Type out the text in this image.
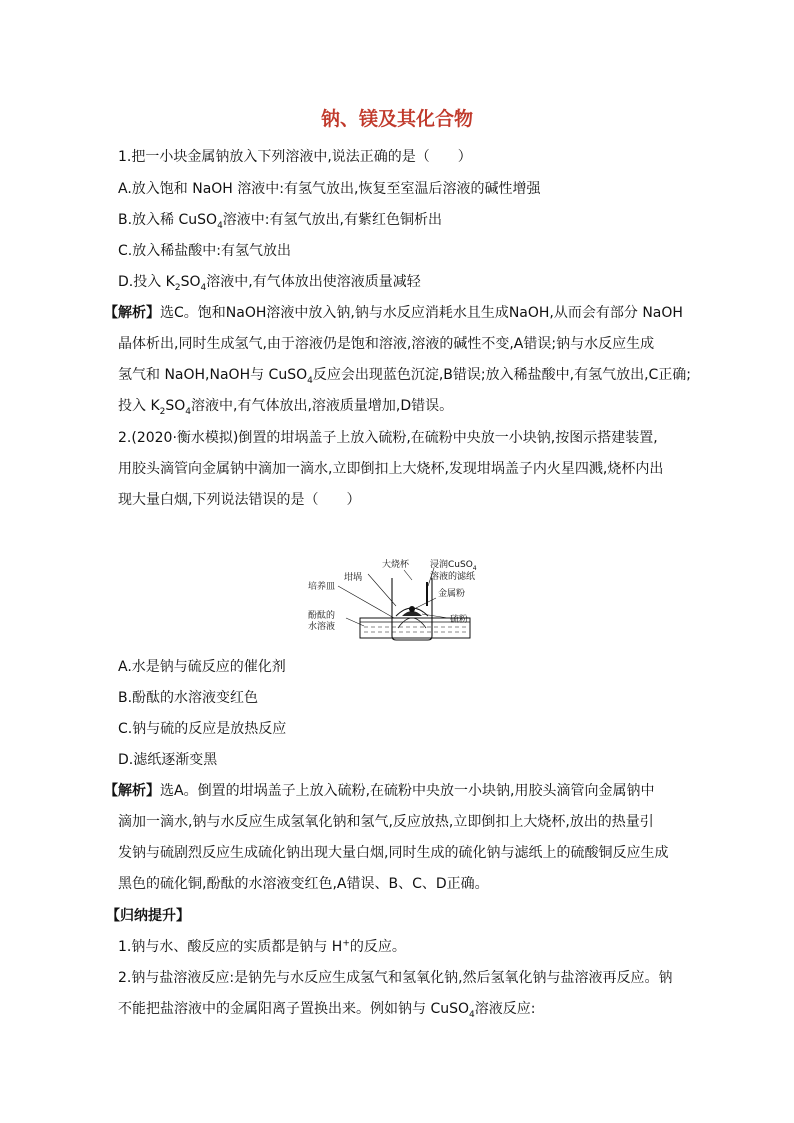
钠、镁及其化合物
1.把一小块金属钠放入下列溶液中,说法正确的是（　　）
A.放入饱和 NaOH 溶液中:有氢气放出,恢复至室温后溶液的碱性增强
B.放入稀 CuSO$_4$溶液中:有氢气放出,有紫红色铜析出
C.放入稀盐酸中:有氢气放出
D.投入 $K_2SO_4$溶液中,有气体放出使溶液质量减轻
【解析】选C。饱和NaOH溶液中放入钠,钠与水反应消耗水且生成NaOH,从而会有部分 NaOH
晶体析出,同时生成氢气,由于溶液仍是饱和溶液,溶液的碱性不变,A错误;钠与水反应生成
氢气和 NaOH,NaOH与 CuSO$_4$反应会出现蓝色沉淀,B错误;放入稀盐酸中,有氢气放出,C正确;
投入 $K_2SO_4$溶液中,有气体放出,溶液质量增加,D错误。
2.(2020·衡水模拟)倒置的坩埚盖子上放入硫粉,在硫粉中央放一小块钠,按图示搭建装置,
用胶头滴管向金属钠中滴加一滴水,立即倒扣上大烧杯,发现坩埚盖子内火星四溅,烧杯内出
现大量白烟,下列说法错误的是（　　）
大烧杯
坩埚
培养皿
浸润CuSO$_4$
溶液的滤纸
金属粉
酚酞的
水溶液
硫粉
A.水是钠与硫反应的催化剂
B.酚酞的水溶液变红色
C.钠与硫的反应是放热反应
D.滤纸逐渐变黑
【解析】选A。倒置的坩埚盖子上放入硫粉,在硫粉中央放一小块钠,用胶头滴管向金属钠中
滴加一滴水,钠与水反应生成氢氧化钠和氢气,反应放热,立即倒扣上大烧杯,放出的热量引
发钠与硫剧烈反应生成硫化钠出现大量白烟,同时生成的硫化钠与滤纸上的硫酸铜反应生成
黑色的硫化铜,酚酞的水溶液变红色,A错误、B、C、D正确。
【归纳提升】
1.钠与水、酸反应的实质都是钠与 H+的反应。
2.钠与盐溶液反应:是钠先与水反应生成氢气和氢氧化钠,然后氢氧化钠与盐溶液再反应。钠
不能把盐溶液中的金属阳离子置换出来。例如钠与 CuSO$_4$溶液反应:
